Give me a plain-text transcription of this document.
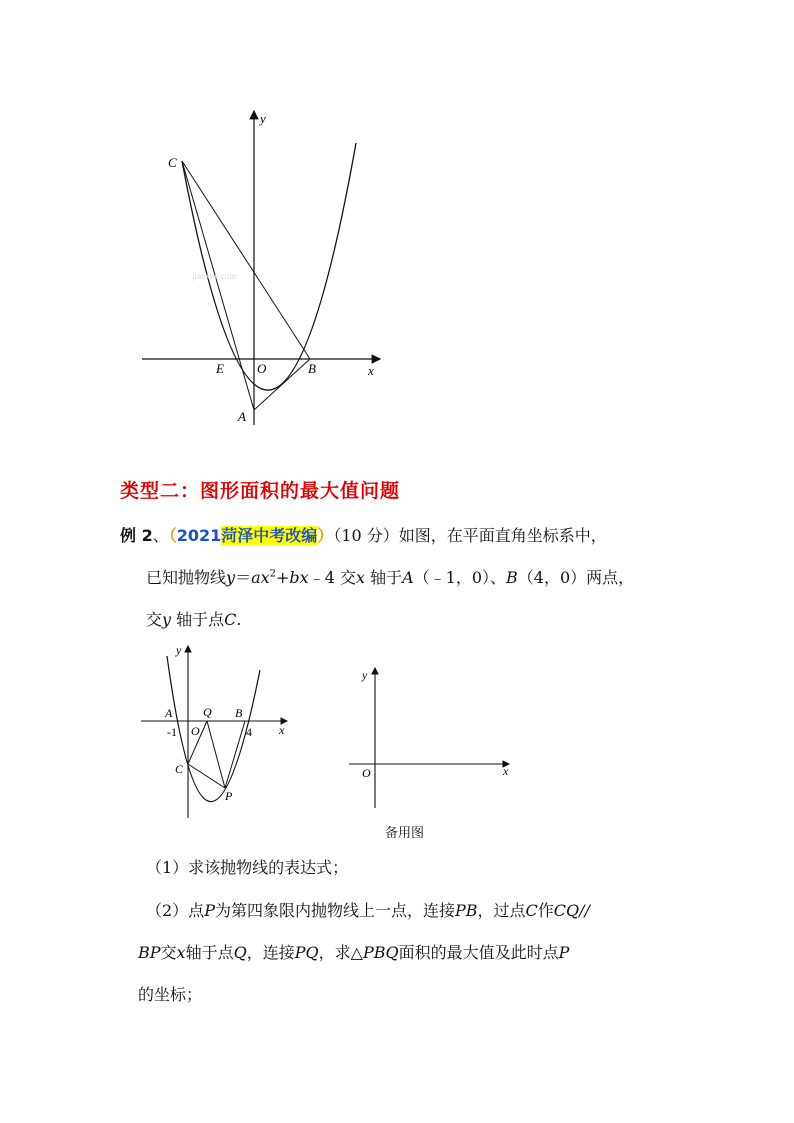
jiaoxue.com
y
x
C
E	O	B
A
类型二：图形面积的最大值问题
例 2、（2021菏泽中考改编）（10 分）如图，在平面直角坐标系中，
已知抛物线$y=ax^2+bx﹣4$ 交x 轴于A（﹣1，0）、B（4，0）两点，
交y 轴于点C.
y
x
A	Q B
-1 O	4
C
P
y
x
O
备用图
（1）求该抛物线的表达式；
（2）点P为第四象限内抛物线上一点，连接PB，过点C作CQ//
BP交x轴于点Q，连接PQ，求△PBQ面积的最大值及此时点P
的坐标；
